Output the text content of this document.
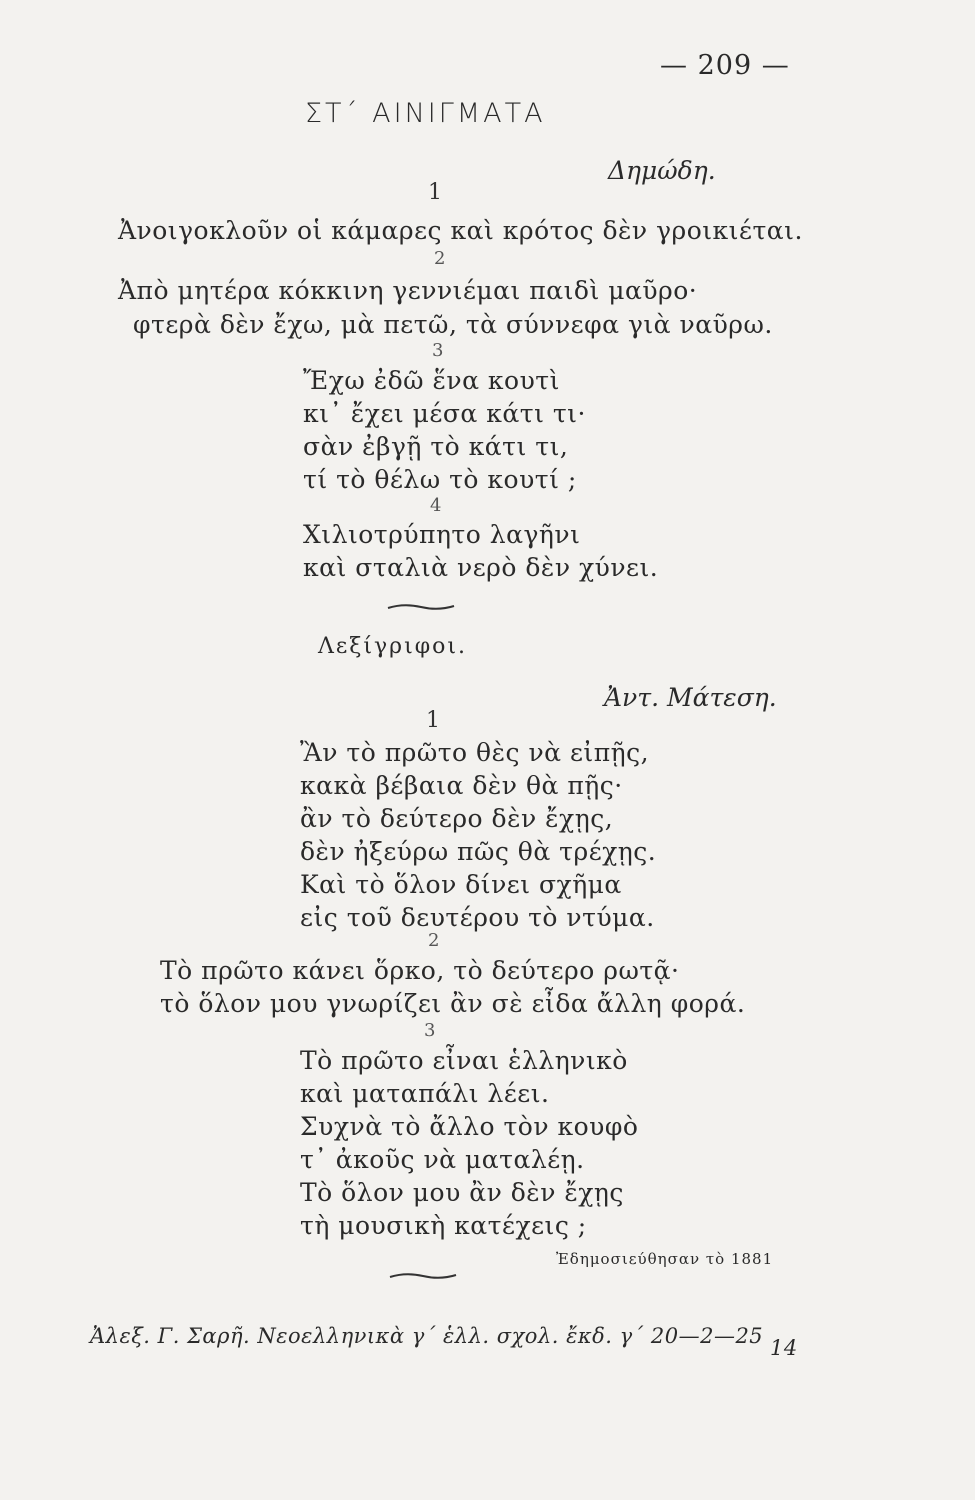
— 209 —
ΣΤ΄ ΑΙΝΙΓΜΑΤΑ
Δημώδη.
1
Ἀνοιγοκλοῦν οἱ κάμαρες καὶ κρότος δὲν γροικιέται.
2
Ἀπὸ μητέρα κόκκινη γεννιέμαι παιδὶ μαῦρο·
φτερὰ δὲν ἔχω, μὰ πετῶ, τὰ σύννεφα γιὰ ναῦρω.
3
Ἔχω ἐδῶ ἕνα κουτὶ
κι᾿ ἔχει μέσα κάτι τι·
σὰν ἐβγῇ τὸ κάτι τι,
τί τὸ θέλω τὸ κουτί ;
4
Χιλιοτρύπητο λαγῆνι
καὶ σταλιὰ νερὸ δὲν χύνει.
Λεξίγριφοι.
Ἀντ. Μάτεση.
1
Ἂν τὸ πρῶτο θὲς νὰ εἰπῇς,
κακὰ βέβαια δὲν θὰ πῇς·
ἂν τὸ δεύτερο δὲν ἔχῃς,
δὲν ἠξεύρω πῶς θὰ τρέχῃς.
Καὶ τὸ ὅλον δίνει σχῆμα
εἰς τοῦ δευτέρου τὸ ντύμα.
2
Τὸ πρῶτο κάνει ὅρκο, τὸ δεύτερο ρωτᾷ·
τὸ ὅλον μου γνωρίζει ἂν σὲ εἶδα ἄλλη φορά.
3
Τὸ πρῶτο εἶναι ἑλληνικὸ
καὶ ματαπάλι λέει.
Συχνὰ τὸ ἄλλο τὸν κουφὸ
τ᾿ ἀκοῦς νὰ ματαλέῃ.
Τὸ ὅλον μου ἂν δὲν ἔχῃς
τὴ μουσικὴ κατέχεις ;
Ἐδημοσιεύθησαν τὸ 1881
Ἀλεξ. Γ. Σαρῆ. Νεοελληνικὰ γ΄ ἑλλ. σχολ. ἔκδ. γ΄ 20—2—25 14
